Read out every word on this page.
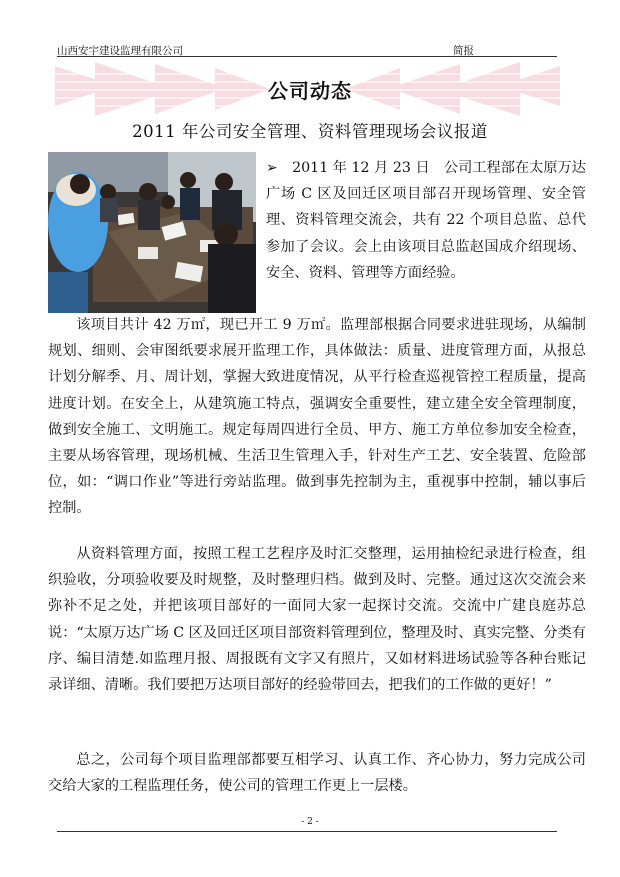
山西安宇建设监理有限公司	简报
公司动态
2011 年公司安全管理、资料管理现场会议报道
➢　2011 年 12 月 23 日　公司工程部在太原万达广场 C 区及回迁区项目部召开现场管理、安全管理、资料管理交流会，共有 22 个项目总监、总代参加了会议。会上由该项目总监赵国成介绍现场、安全、资料、管理等方面经验。
该项目共计 42 万㎡，现已开工 9 万㎡。监理部根据合同要求进驻现场，从编制规划、细则、会审图纸要求展开监理工作，具体做法：质量、进度管理方面，从报总计划分解季、月、周计划，掌握大致进度情况，从平行检查巡视管控工程质量，提高进度计划。在安全上，从建筑施工特点，强调安全重要性，建立建全安全管理制度，做到安全施工、文明施工。规定每周四进行全员、甲方、施工方单位参加安全检查，主要从场容管理，现场机械、生活卫生管理入手，针对生产工艺、安全装置、危险部位，如：“调口作业”等进行旁站监理。做到事先控制为主，重视事中控制，辅以事后控制。
从资料管理方面，按照工程工艺程序及时汇交整理，运用抽检纪录进行检查，组织验收，分项验收要及时规整，及时整理归档。做到及时、完整。通过这次交流会来弥补不足之处，并把该项目部好的一面同大家一起探讨交流。交流中广建良庭苏总说：“太原万达广场 C 区及回迁区项目部资料管理到位，整理及时、真实完整、分类有序、编目清楚.如监理月报、周报既有文字又有照片，又如材料进场试验等各种台账记录详细、清晰。我们要把万达项目部好的经验带回去，把我们的工作做的更好！”
总之，公司每个项目监理部都要互相学习、认真工作、齐心协力，努力完成公司交给大家的工程监理任务，使公司的管理工作更上一层楼。
- 2 -
